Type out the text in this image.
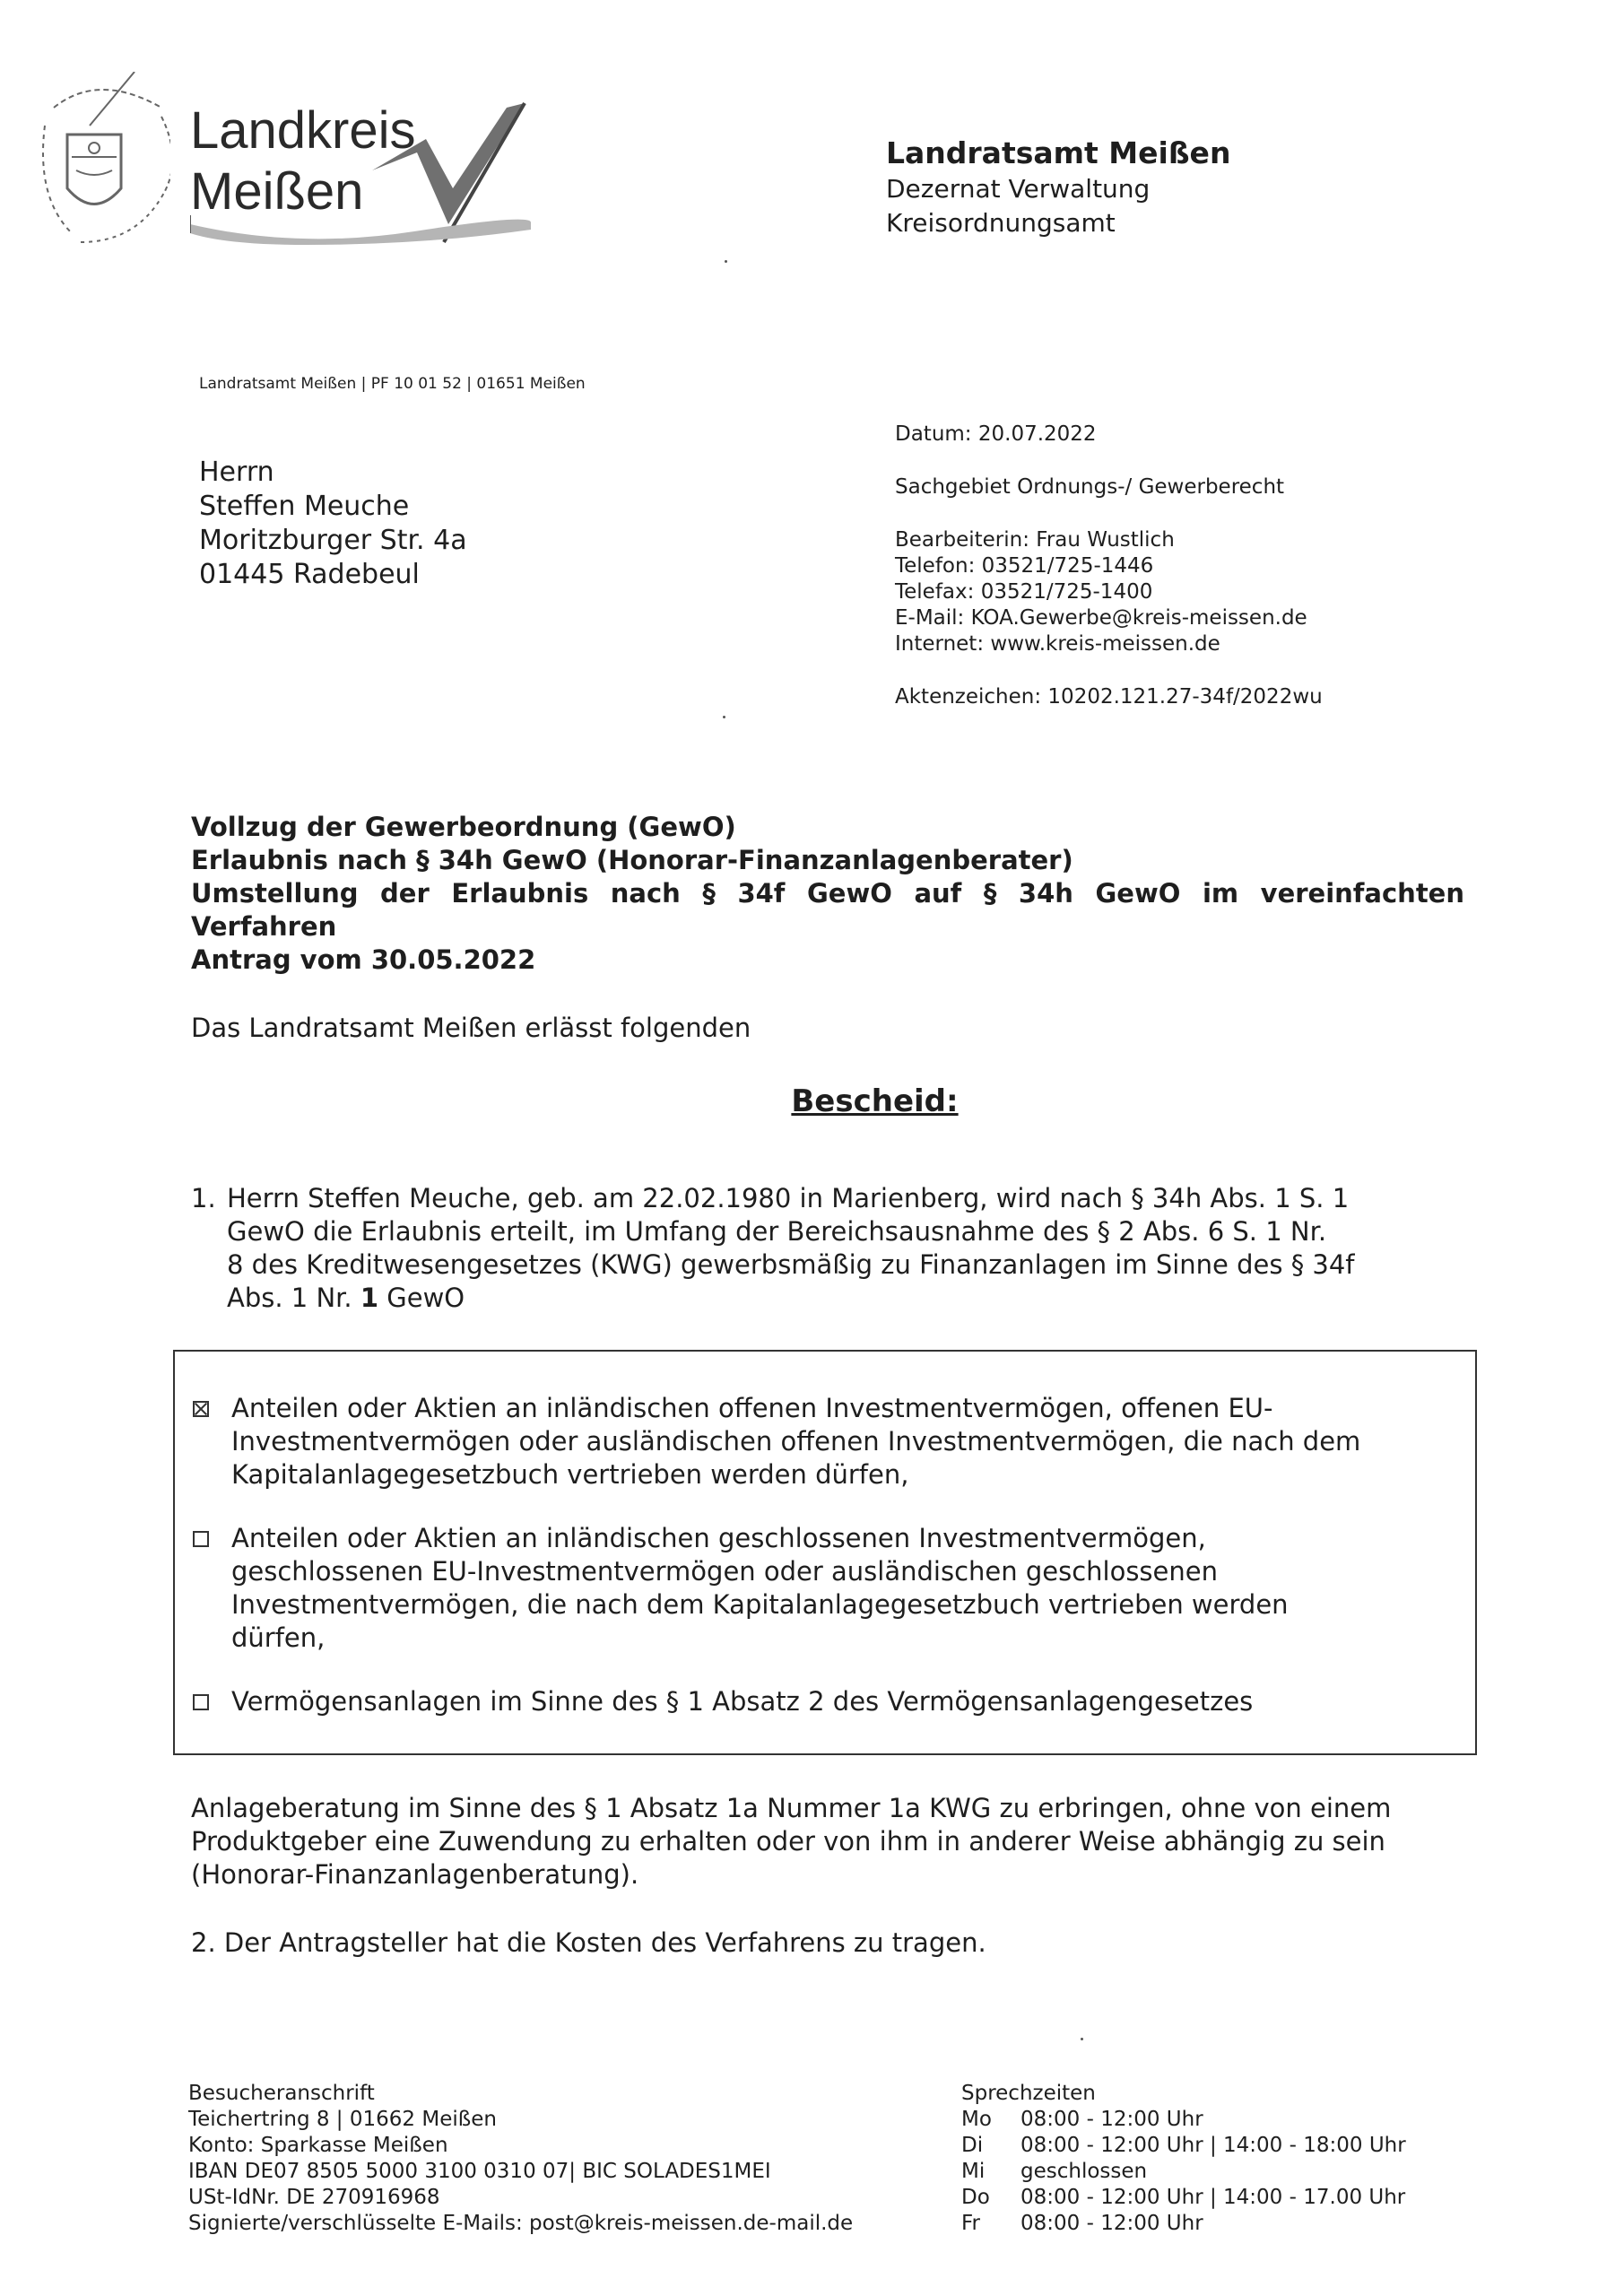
Landkreis
Meißen
Landratsamt Meißen
Dezernat Verwaltung
Kreisordnungsamt
Landratsamt Meißen | PF 10 01 52 | 01651 Meißen
Herrn
Steffen Meuche
Moritzburger Str. 4a
01445 Radebeul
Datum: 20.07.2022
Sachgebiet Ordnungs-/ Gewerberecht
Bearbeiterin: Frau Wustlich
Telefon: 03521/725-1446
Telefax: 03521/725-1400
E-Mail: KOA.Gewerbe@kreis-meissen.de
Internet: www.kreis-meissen.de
Aktenzeichen: 10202.121.27-34f/2022wu
Vollzug der Gewerbeordnung (GewO)
Erlaubnis nach § 34h GewO (Honorar-Finanzanlagenberater)
Umstellung der Erlaubnis nach § 34f GewO auf § 34h GewO im vereinfachten
Verfahren
Antrag vom 30.05.2022
Das Landratsamt Meißen erlässt folgenden
Bescheid:
1. Herrn Steffen Meuche, geb. am 22.02.1980 in Marienberg, wird nach § 34h Abs. 1 S. 1
GewO die Erlaubnis erteilt, im Umfang der Bereichsausnahme des § 2 Abs. 6 S. 1 Nr.
8 des Kreditwesengesetzes (KWG) gewerbsmäßig zu Finanzanlagen im Sinne des § 34f
Abs. 1 Nr. 1 GewO
Anteilen oder Aktien an inländischen offenen Investmentvermögen, offenen EU-
Investmentvermögen oder ausländischen offenen Investmentvermögen, die nach dem
Kapitalanlagegesetzbuch vertrieben werden dürfen,
Anteilen oder Aktien an inländischen geschlossenen Investmentvermögen,
geschlossenen EU-Investmentvermögen oder ausländischen geschlossenen
Investmentvermögen, die nach dem Kapitalanlagegesetzbuch vertrieben werden
dürfen,
Vermögensanlagen im Sinne des § 1 Absatz 2 des Vermögensanlagengesetzes
Anlageberatung im Sinne des § 1 Absatz 1a Nummer 1a KWG zu erbringen, ohne von einem
Produktgeber eine Zuwendung zu erhalten oder von ihm in anderer Weise abhängig zu sein
(Honorar-Finanzanlagenberatung).
2. Der Antragsteller hat die Kosten des Verfahrens zu tragen.
Besucheranschrift
Teichertring 8 | 01662 Meißen
Konto: Sparkasse Meißen
IBAN DE07 8505 5000 3100 0310 07| BIC SOLADES1MEI
USt-IdNr. DE 270916968
Signierte/verschlüsselte E-Mails: post@kreis-meissen.de-mail.de
Sprechzeiten
Mo 08:00 - 12:00 Uhr
Di 08:00 - 12:00 Uhr | 14:00 - 18:00 Uhr
Mi geschlossen
Do 08:00 - 12:00 Uhr | 14:00 - 17.00 Uhr
Fr 08:00 - 12:00 Uhr
